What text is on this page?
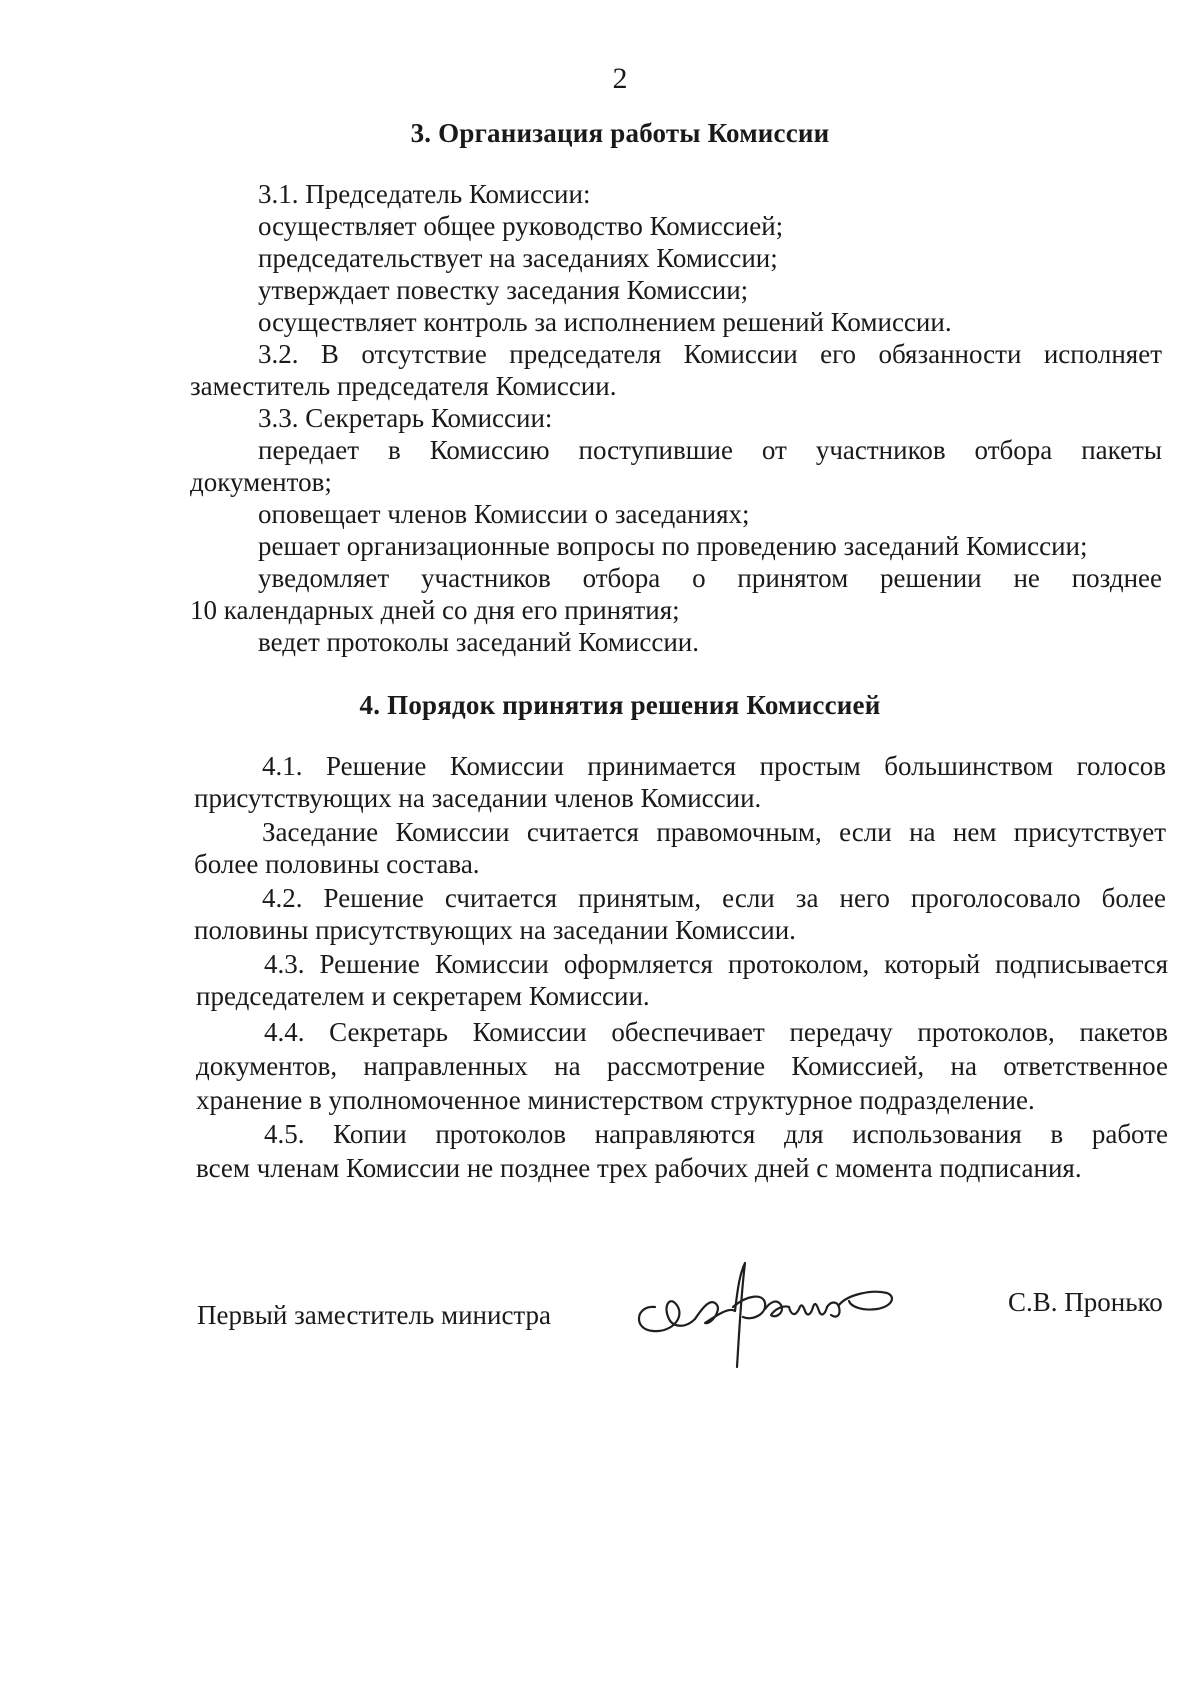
2
3. Организация работы Комиссии
3.1. Председатель Комиссии:
осуществляет общее руководство Комиссией;
председательствует на заседаниях Комиссии;
утверждает повестку заседания Комиссии;
осуществляет контроль за исполнением решений Комиссии.
3.2. В отсутствие председателя Комиссии его обязанности исполняет
заместитель председателя Комиссии.
3.3. Секретарь Комиссии:
передает в Комиссию поступившие от участников отбора пакеты
документов;
оповещает членов Комиссии о заседаниях;
решает организационные вопросы по проведению заседаний Комиссии;
уведомляет участников отбора о принятом решении не позднее
10 календарных дней со дня его принятия;
ведет протоколы заседаний Комиссии.
4. Порядок принятия решения Комиссией
4.1. Решение Комиссии принимается простым большинством голосов
присутствующих на заседании членов Комиссии.
Заседание Комиссии считается правомочным, если на нем присутствует
более половины состава.
4.2. Решение считается принятым, если за него проголосовало более
половины присутствующих на заседании Комиссии.
4.3. Решение Комиссии оформляется протоколом, который подписывается
председателем и секретарем Комиссии.
4.4. Секретарь Комиссии обеспечивает передачу протоколов, пакетов
документов, направленных на рассмотрение Комиссией, на ответственное
хранение в уполномоченное министерством структурное подразделение.
4.5. Копии протоколов направляются для использования в работе
всем членам Комиссии не позднее трех рабочих дней с момента подписания.
Первый заместитель министра	С.В. Пронько
